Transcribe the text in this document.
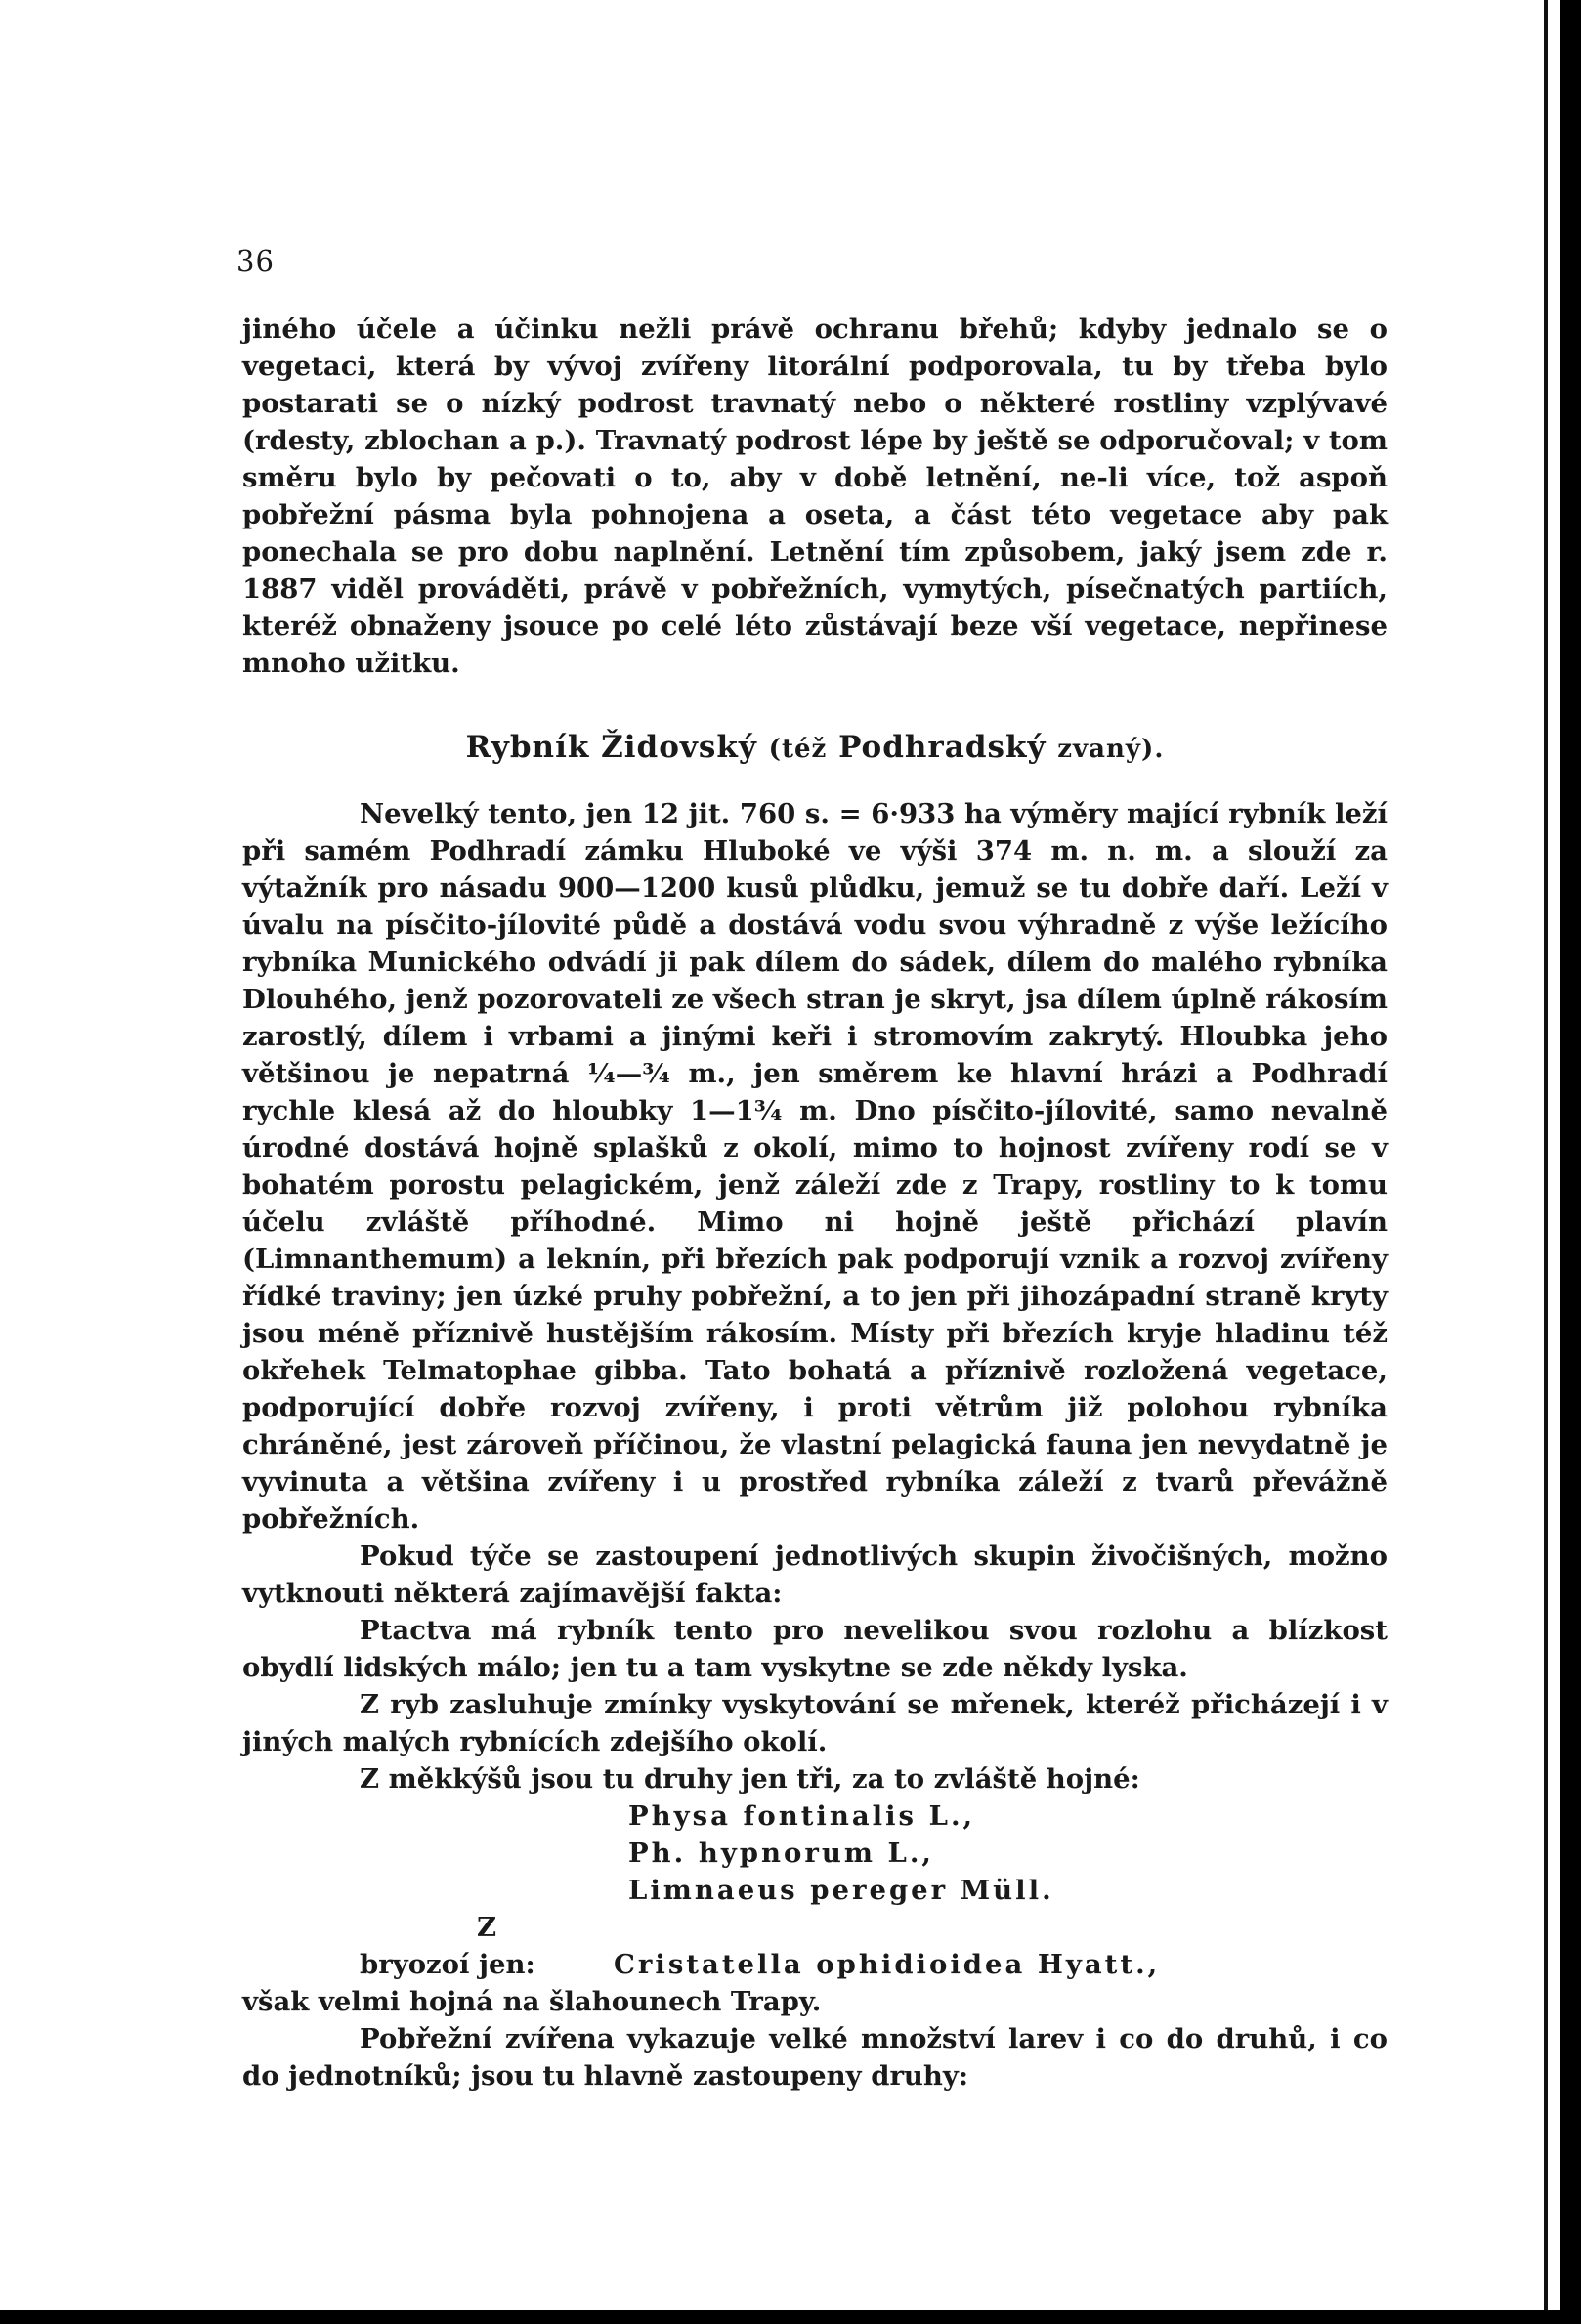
36

jiného účele a účinku nežli právě ochranu břehů; kdyby jednalo se o vegetaci, která by vývoj zvířeny litorální podporovala, tu by třeba bylo postarati se o nízký podrost travnatý nebo o některé rostliny vzplývavé (rdesty, zblochan a p.). Travnatý podrost lépe by ještě se odporučoval; v tom směru bylo by pečovati o to, aby v době letnění, ne-li více, tož aspoň pobřežní pásma byla pohnojena a oseta, a část této vegetace aby pak ponechala se pro dobu naplnění. Letnění tím způsobem, jaký jsem zde r. 1887 viděl prováděti, právě v pobřežních, vymytých, písečnatých partiích, kteréž obnaženy jsouce po celé léto zůstávají beze vší vegetace, nepřinese mnoho užitku.

Rybník Židovský (též Podhradský zvaný).

Nevelký tento, jen 12 jit. 760 s. = 6·933 ha výměry mající rybník leží při samém Podhradí zámku Hluboké ve výši 374 m. n. m. a slouží za výtažník pro násadu 900—1200 kusů plůdku, jemuž se tu dobře daří. Leží v úvalu na písčito-jílovité půdě a dostává vodu svou výhradně z výše ležícího rybníka Munického odvádí ji pak dílem do sádek, dílem do malého rybníka Dlouhého, jenž pozorovateli ze všech stran je skryt, jsa dílem úplně rákosím zarostlý, dílem i vrbami a jinými keři i stromovím zakrytý. Hloubka jeho většinou je nepatrná ¼—¾ m., jen směrem ke hlavní hrázi a Podhradí rychle klesá až do hloubky 1—1¾ m. Dno písčito-jílovité, samo nevalně úrodné dostává hojně splašků z okolí, mimo to hojnost zvířeny rodí se v bohatém porostu pelagickém, jenž záleží zde z Trapy, rostliny to k tomu účelu zvláště příhodné. Mimo ni hojně ještě přichází plavín (Limnanthemum) a leknín, při březích pak podporují vznik a rozvoj zvířeny řídké traviny; jen úzké pruhy pobřežní, a to jen při jihozápadní straně kryty jsou méně příznivě hustějším rákosím. Místy při březích kryje hladinu též okřehek Telmatophae gibba. Tato bohatá a příznivě rozložená vegetace, podporující dobře rozvoj zvířeny, i proti větrům již polohou rybníka chráněné, jest zároveň příčinou, že vlastní pelagická fauna jen nevydatně je vyvinuta a většina zvířeny i u prostřed rybníka záleží z tvarů převážně pobřežních.

Pokud týče se zastoupení jednotlivých skupin živočišných, možno vytknouti některá zajímavější fakta:

Ptactva má rybník tento pro nevelikou svou rozlohu a blízkost obydlí lidských málo; jen tu a tam vyskytne se zde někdy lyska.

Z ryb zasluhuje zmínky vyskytování se mřenek, kteréž přicházejí i v jiných malých rybnících zdejšího okolí.

Z měkkýšů jsou tu druhy jen tři, za to zvláště hojné:

Physa fontinalis L.,

Ph. hypnorum L.,

Limnaeus pereger Müll.

Z bryozoí jen:	Cristatella ophidioidea Hyatt.,

však velmi hojná na šlahounech Trapy.

Pobřežní zvířena vykazuje velké množství larev i co do druhů, i co do jednotníků; jsou tu hlavně zastoupeny druhy:
